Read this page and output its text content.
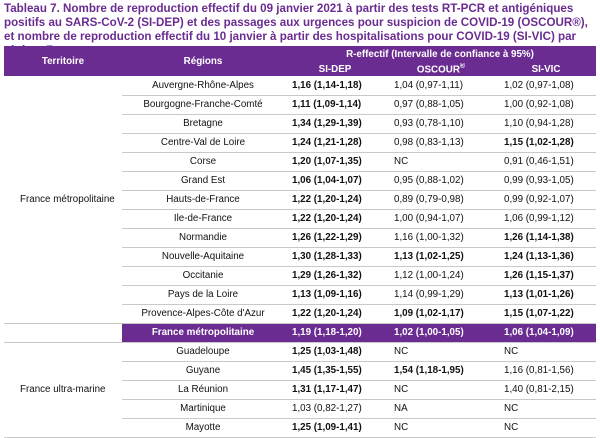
Tableau 7. Nombre de reproduction effectif du 09 janvier 2021 à partir des tests RT-PCR et antigéniques positifs au SARS-CoV-2 (SI-DEP) et des passages aux urgences pour suspicion de COVID-19 (OSCOUR®), et nombre de reproduction effectif du 10 janvier à partir des hospitalisations pour COVID-19 (SI-VIC) par région, France
Territoire	Régions	R-effectif (Intervalle de confiance à 95%)		
		SI-DEP	OSCOUR®	SI-VIC
France métropolitaine	Auvergne-Rhône-Alpes	1,16 (1,14-1,18)	1,04 (0,97-1,11)	1,02 (0,97-1,08)
	Bourgogne-Franche-Comté	1,11 (1,09-1,14)	0,97 (0,88-1,05)	1,00 (0,92-1,08)
	Bretagne	1,34 (1,29-1,39)	0,93 (0,78-1,10)	1,10 (0,94-1,28)
	Centre-Val de Loire	1,24 (1,21-1,28)	0,98 (0,83-1,13)	1,15 (1,02-1,28)
	Corse	1,20 (1,07-1,35)	NC	0,91 (0,46-1,51)
	Grand Est	1,06 (1,04-1,07)	0,95 (0,88-1,02)	0,99 (0,93-1,05)
	Hauts-de-France	1,22 (1,20-1,24)	0,89 (0,79-0,98)	0,99 (0,92-1,07)
	Ile-de-France	1,22 (1,20-1,24)	1,00 (0,94-1,07)	1,06 (0,99-1,12)
	Normandie	1,26 (1,22-1,29)	1,16 (1,00-1,32)	1,26 (1,14-1,38)
	Nouvelle-Aquitaine	1,30 (1,28-1,33)	1,13 (1,02-1,25)	1,24 (1,13-1,36)
	Occitanie	1,29 (1,26-1,32)	1,12 (1,00-1,24)	1,26 (1,15-1,37)
	Pays de la Loire	1,13 (1,09-1,16)	1,14 (0,99-1,29)	1,13 (1,01-1,26)
	Provence-Alpes-Côte d'Azur	1,22 (1,20-1,24)	1,09 (1,02-1,17)	1,15 (1,07-1,22)
	France métropolitaine	1,19 (1,18-1,20)	1,02 (1,00-1,05)	1,06 (1,04-1,09)
France ultra-marine	Guadeloupe	1,25 (1,03-1,48)	NC	NC
	Guyane	1,45 (1,35-1,55)	1,54 (1,18-1,95)	1,16 (0,81-1,56)
	La Réunion	1,31 (1,17-1,47)	NC	1,40 (0,81-2,15)
	Martinique	1,03 (0,82-1,27)	NA	NC
	Mayotte	1,25 (1,09-1,41)	NC	NC
